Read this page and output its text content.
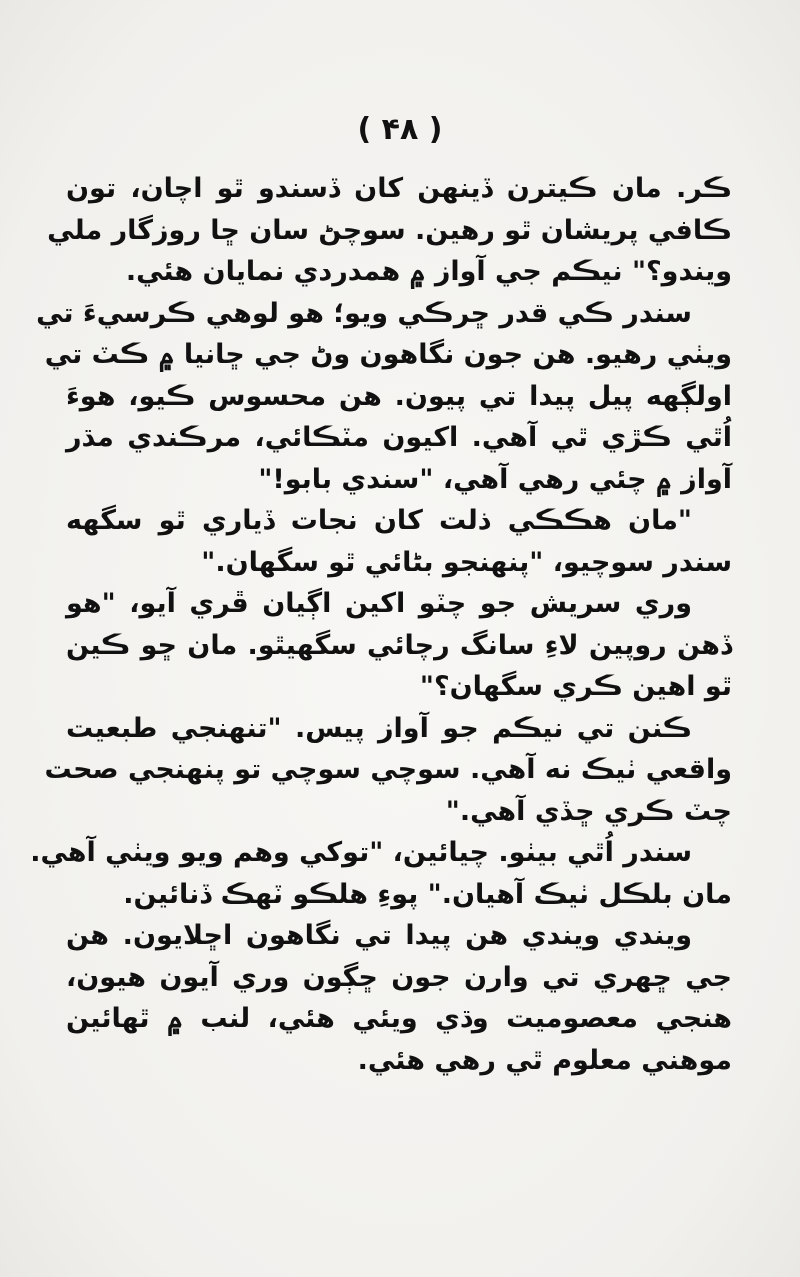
( ۴۸ )
ڪر. مان ڪيترن ڏينهن کان ڏسندو ٿو اچان، تون
ڪافي پريشان ٿو رهين. سوچڻ سان ڇا روزگار ملي
ويندو؟" نيڪم جي آواز ۾ همدردي نمايان هئي.
سندر ڪي قدر ڇرڪي ويو؛ هو لوهي ڪرسيءَ تي
ويٺي رهيو. هن جون نگاهون وڻ جي ڇانيا ۾ ڪٽ تي
اولڳهه پيل پيدا تي پيون. هن محسوس ڪيو، هوءَ
اُٿي ڪڙي ٿي آهي. اکيون مٽڪائي، مرڪندي مڌر
آواز ۾ چئي رهي آهي، "سندي بابو!"
"مان هڪڪي ذلت کان نجات ڏياري ٿو سگهه
سندر سوچيو، "پنهنجو بڻائي ٿو سگهان."
وري سريش جو چٽو اکين اڳيان ڦري آيو، "هو
ڏهن روپين لاءِ سانگ رچائي سگهيٿو. مان ڇو ڪين
ٿو اهين ڪري سگهان؟"
ڪنن تي نيڪم جو آواز پيس. "تنهنجي طبعيت
واقعي ٺيڪ نه آهي. سوچي سوچي تو پنهنجي صحت
چٽ ڪري ڇڏي آهي."
سندر اُٿي بيٺو. چيائين، "توکي وهم ويو ويٺي آهي.
مان بلڪل ٺيڪ آهيان." پوءِ هلڪو ٽهڪ ڏنائين.
ويندي ويندي هن پيدا تي نگاهون اڇلايون. هن
جي ڇهري تي وارن جون ڇڳون وري آيون هيون،
هنجي معصوميت وڌي ويئي هئي، لنب ۾ ٿهائين
موهني معلوم ٿي رهي هئي.
